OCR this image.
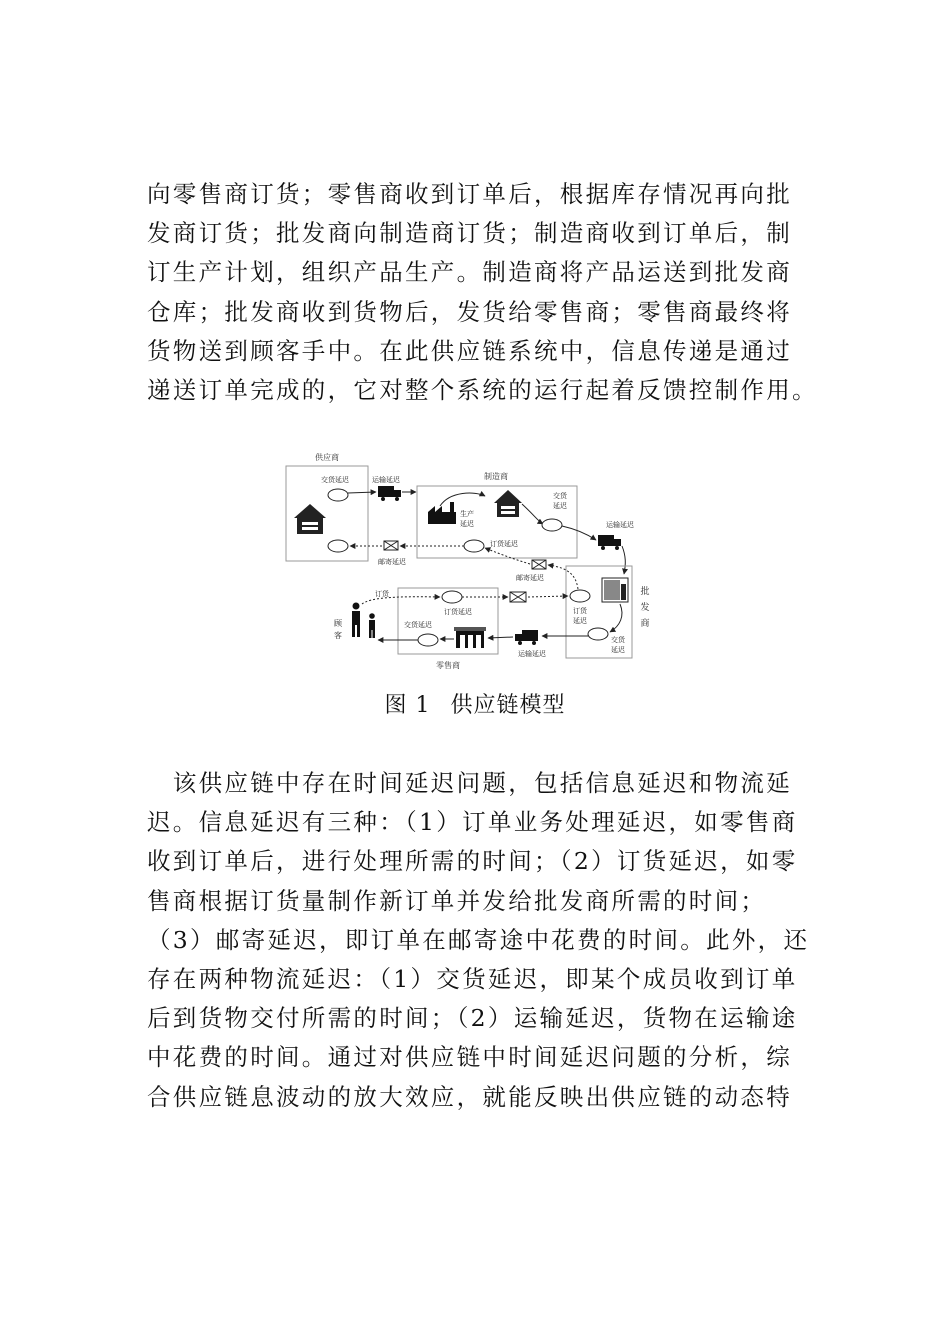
向零售商订货；零售商收到订单后，根据库存情况再向批
发商订货；批发商向制造商订货；制造商收到订单后，制
订生产计划，组织产品生产。制造商将产品运送到批发商
仓库；批发商收到货物后，发货给零售商；零售商最终将
货物送到顾客手中。在此供应链系统中，信息传递是通过
递送订单完成的，它对整个系统的运行起着反馈控制作用。
供应商
交货延迟	运输延迟	制造商
生产
延迟
交货
延迟
订货延迟
邮寄延迟
运输延迟
批
发
商
订货
延迟
交货
延迟
邮寄延迟
零售商
订货延迟
交货延迟
运输延迟
顾
客
订货
图 1 供应链模型
　该供应链中存在时间延迟问题，包括信息延迟和物流延
迟。信息延迟有三种：（1）订单业务处理延迟，如零售商
收到订单后，进行处理所需的时间；（2）订货延迟，如零
售商根据订货量制作新订单并发给批发商所需的时间；
（3）邮寄延迟，即订单在邮寄途中花费的时间。此外，还
存在两种物流延迟：（1）交货延迟，即某个成员收到订单
后到货物交付所需的时间；（2）运输延迟，货物在运输途
中花费的时间。通过对供应链中时间延迟问题的分析，综
合供应链息波动的放大效应，就能反映出供应链的动态特
